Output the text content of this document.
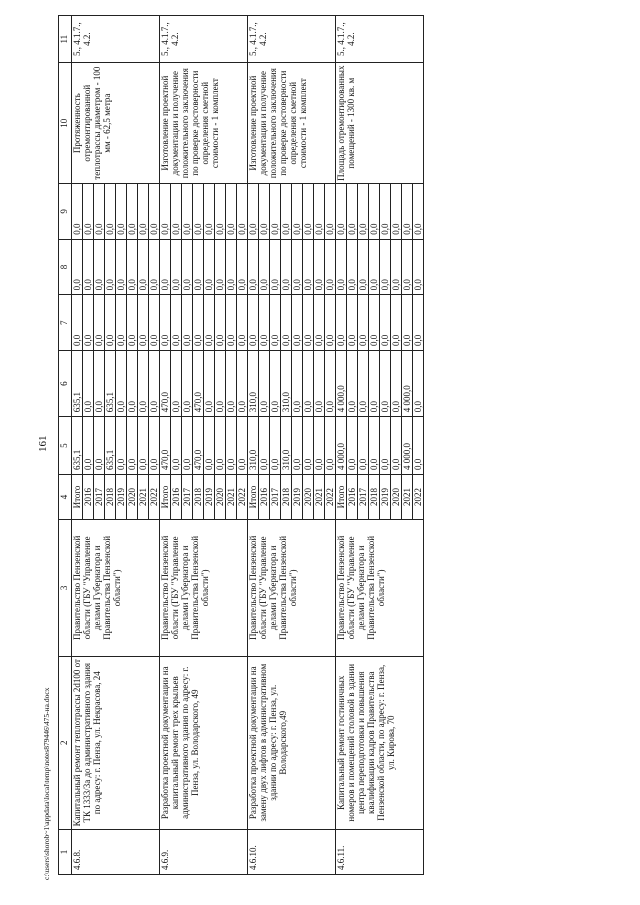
161
c:\users\shorob~1\appdata\local\temp\notes879446\475-на.docx 1	2	3	4	5	6	7	8	9	10	11
4.6.8.	Капитальный ремонт теплотрассы 2d100 от ТК 1333/3а до административного здания по адресу: г. Пенза, ул. Некрасова, 24	Правительство Пензенской области (ГБУ "Управление делами Губернатора и Правительства Пензенской области")	Итого	635,1	635,1	0,0	0,0	0,0	Протяженность отремонтированной теплотрассы диаметром - 100 мм - 62,5 метра	5., 4.1.7., 4.2.
			2016	0,0	0,0	0,0	0,0	0,0		
			2017	0,0	0,0	0,0	0,0	0,0		
			2018	635,1	635,1	0,0	0,0	0,0		
			2019	0,0	0,0	0,0	0,0	0,0		
			2020	0,0	0,0	0,0	0,0	0,0		
			2021	0,0	0,0	0,0	0,0	0,0		
			2022	0,0	0,0	0,0	0,0	0,0		
4.6.9.	Разработка проектной документации на капитальный ремонт трех крыльев административного здания по адресу: г. Пенза, ул. Володарского, 49	Правительство Пензенской области (ГБУ "Управление делами Губернатора и Правительства Пензенской области")	Итого	470,0	470,0	0,0	0,0	0,0	Изготовление проектной документации и получение положительного заключения по проверке достоверности определения сметной стоимости - 1 комплект	5., 4.1.7., 4.2.
			2016	0,0	0,0	0,0	0,0	0,0		
			2017	0,0	0,0	0,0	0,0	0,0		
			2018	470,0	470,0	0,0	0,0	0,0		
			2019	0,0	0,0	0,0	0,0	0,0		
			2020	0,0	0,0	0,0	0,0	0,0		
			2021	0,0	0,0	0,0	0,0	0,0		
			2022	0,0	0,0	0,0	0,0	0,0		
4.6.10.	Разработка проектной документации на замену двух лифтов в административном здании по адресу: г. Пенза, ул. Володарского,49	Правительство Пензенской области (ГБУ "Управление делами Губернатора и Правительства Пензенской области")	Итого	310,0	310,0	0,0	0,0	0,0	Изготовление проектной документации и получение положительного заключения по проверке достоверности определения сметной стоимости - 1 комплект	5., 4.1.7., 4.2.
			2016	0,0	0,0	0,0	0,0	0,0		
			2017	0,0	0,0	0,0	0,0	0,0		
			2018	310,0	310,0	0,0	0,0	0,0		
			2019	0,0	0,0	0,0	0,0	0,0		
			2020	0,0	0,0	0,0	0,0	0,0		
			2021	0,0	0,0	0,0	0,0	0,0		
			2022	0,0	0,0	0,0	0,0	0,0		
4.6.11.	Капитальный ремонт гостиничных номеров и помещений столовой в здании центра переподготовки и повышения квалификации кадров Правительства Пензенской области, по адресу: г. Пенза, ул. Кирова, 70	Правительство Пензенской области (ГБУ "Управление делами Губернатора и Правительства Пензенской области")	Итого	4 000,0	4 000,0	0,0	0,0	0,0	Площадь отремонтированных помещений - 1300 кв. м	5., 4.1.7., 4.2.
			2016	0,0	0,0	0,0	0,0	0,0		
			2017	0,0	0,0	0,0	0,0	0,0		
			2018	0,0	0,0	0,0	0,0	0,0		
			2019	0,0	0,0	0,0	0,0	0,0		
			2020	0,0	0,0	0,0	0,0	0,0		
			2021	4 000,0	4 000,0	0,0	0,0	0,0		
			2022	0,0	0,0	0,0	0,0	0,0		
